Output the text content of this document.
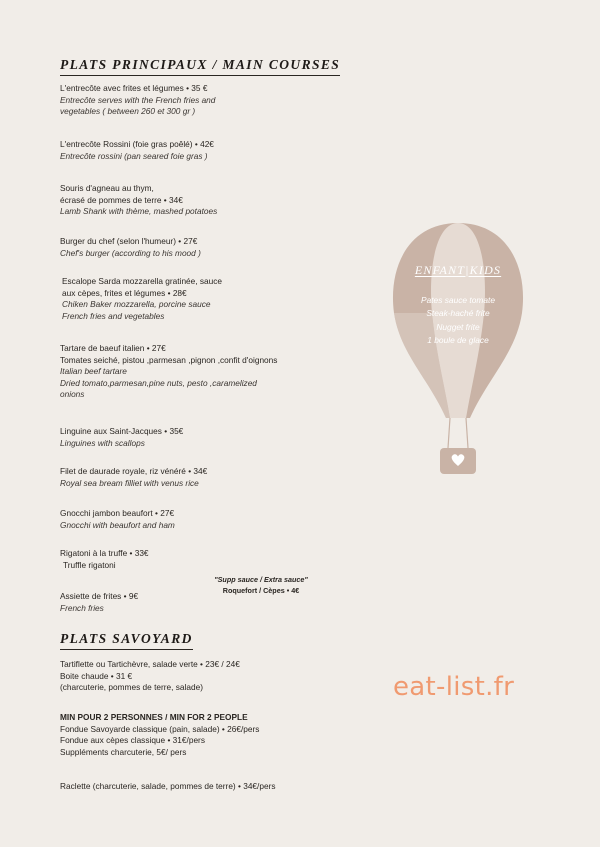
PLATS PRINCIPAUX / MAIN COURSES
L'entrecôte avec frites et légumes • 35 €
Entrecôte serves with the French fries and
vegetables ( between 260 et 300 gr )
L'entrecôte Rossini (foie gras poêlé) • 42€
Entrecôte rossini (pan seared foie gras )
Souris d'agneau au thym,
écrasé de pommes de terre • 34€
Lamb Shank with thème, mashed potatoes
Burger du chef (selon l'humeur) • 27€
Chef's burger (according to his mood )
Escalope Sarda mozzarella gratinée, sauce
aux cèpes, frites et légumes • 28€
Chiken Baker mozzarella, porcine sauce
French fries and vegetables
Tartare de baeuf italien • 27€
Tomates seiché, pistou ,parmesan ,pignon ,confit d'oignons
Italian beef tartare
Dried tomato,parmesan,pine nuts, pesto ,caramelized
onions
Linguine aux Saint-Jacques • 35€
Linguines with scallops
Filet de daurade royale, riz vénéré • 34€
Royal sea bream filliet with venus rice
Gnocchi jambon beaufort • 27€
Gnocchi with beaufort and ham
Rigatoni à la truffe • 33€
Truffle rigatoni
Assiette de frites • 9€
French fries
"Supp sauce / Extra sauce"
Roquefort / Cèpes • 4€
ENFANT|KIDS
Pates sauce tomate
Steak-haché frite
Nugget frite
1 boule de glace
PLATS SAVOYARD
Tartiflette ou Tartichèvre, salade verte • 23€ / 24€
Boite chaude • 31 €
(charcuterie, pommes de terre, salade)
MIN POUR 2 PERSONNES / MIN FOR 2 PEOPLE
Fondue Savoyarde classique (pain, salade) • 26€/pers
Fondue aux cèpes classique • 31€/pers
Suppléments charcuterie, 5€/ pers
Raclette (charcuterie, salade, pommes de terre) • 34€/pers
eat-list.fr
